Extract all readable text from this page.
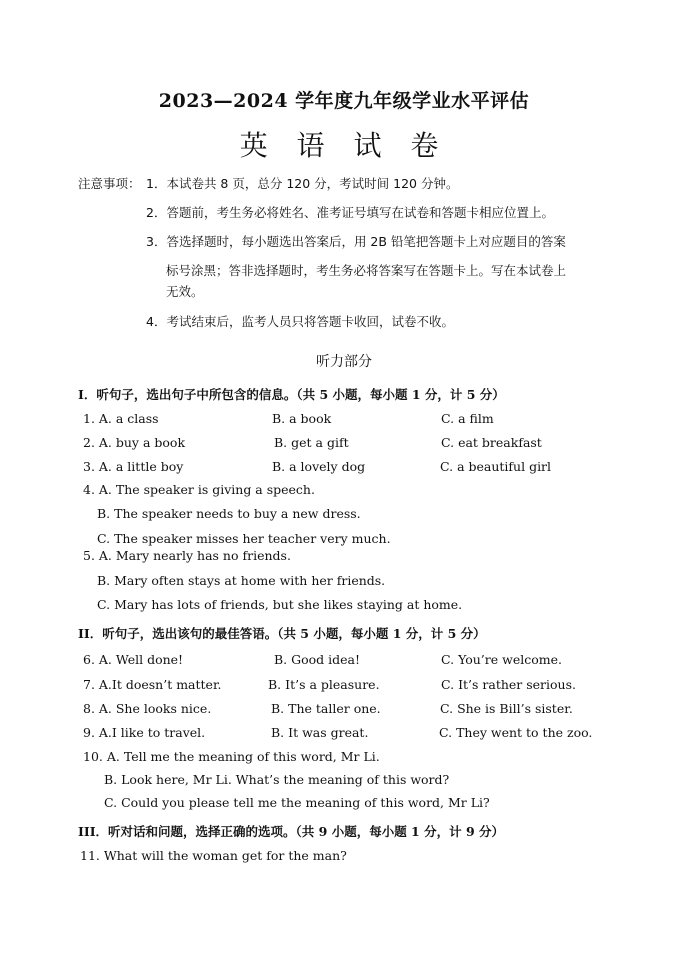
2023—2024 学年度九年级学业水平评估
英 语 试 卷
注意事项： 1．本试卷共 8 页，总分 120 分，考试时间 120 分钟。
2．答题前，考生务必将姓名、准考证号填写在试卷和答题卡相应位置上。
3．答选择题时，每小题选出答案后，用 2B 铅笔把答题卡上对应题目的答案
标号涂黑；答非选择题时，考生务必将答案写在答题卡上。写在本试卷上
无效。
4．考试结束后，监考人员只将答题卡收回，试卷不收。
听力部分
I．听句子，选出句子中所包含的信息。（共 5 小题，每小题 1 分，计 5 分）
1. A. a class	B. a book	C. a film
2. A. buy a book	B. get a gift	C. eat breakfast
3. A. a little boy	B. a lovely dog	C. a beautiful girl
4. A. The speaker is giving a speech.
B. The speaker needs to buy a new dress.
C. The speaker misses her teacher very much.
5. A. Mary nearly has no friends.
B. Mary often stays at home with her friends.
C. Mary has lots of friends, but she likes staying at home.
II．听句子，选出该句的最佳答语。（共 5 小题，每小题 1 分，计 5 分）
6. A. Well done!	B. Good idea!	C. You’re welcome.
7. A.It doesn’t matter.	B. It’s a pleasure.	C. It’s rather serious.
8. A. She looks nice.	B. The taller one.	C. She is Bill’s sister.
9. A.I like to travel.	B. It was great.	C. They went to the zoo.
10. A. Tell me the meaning of this word, Mr Li.
B. Look here, Mr Li. What’s the meaning of this word?
C. Could you please tell me the meaning of this word, Mr Li?
III．听对话和问题，选择正确的选项。（共 9 小题，每小题 1 分，计 9 分）
11. What will the woman get for the man?
